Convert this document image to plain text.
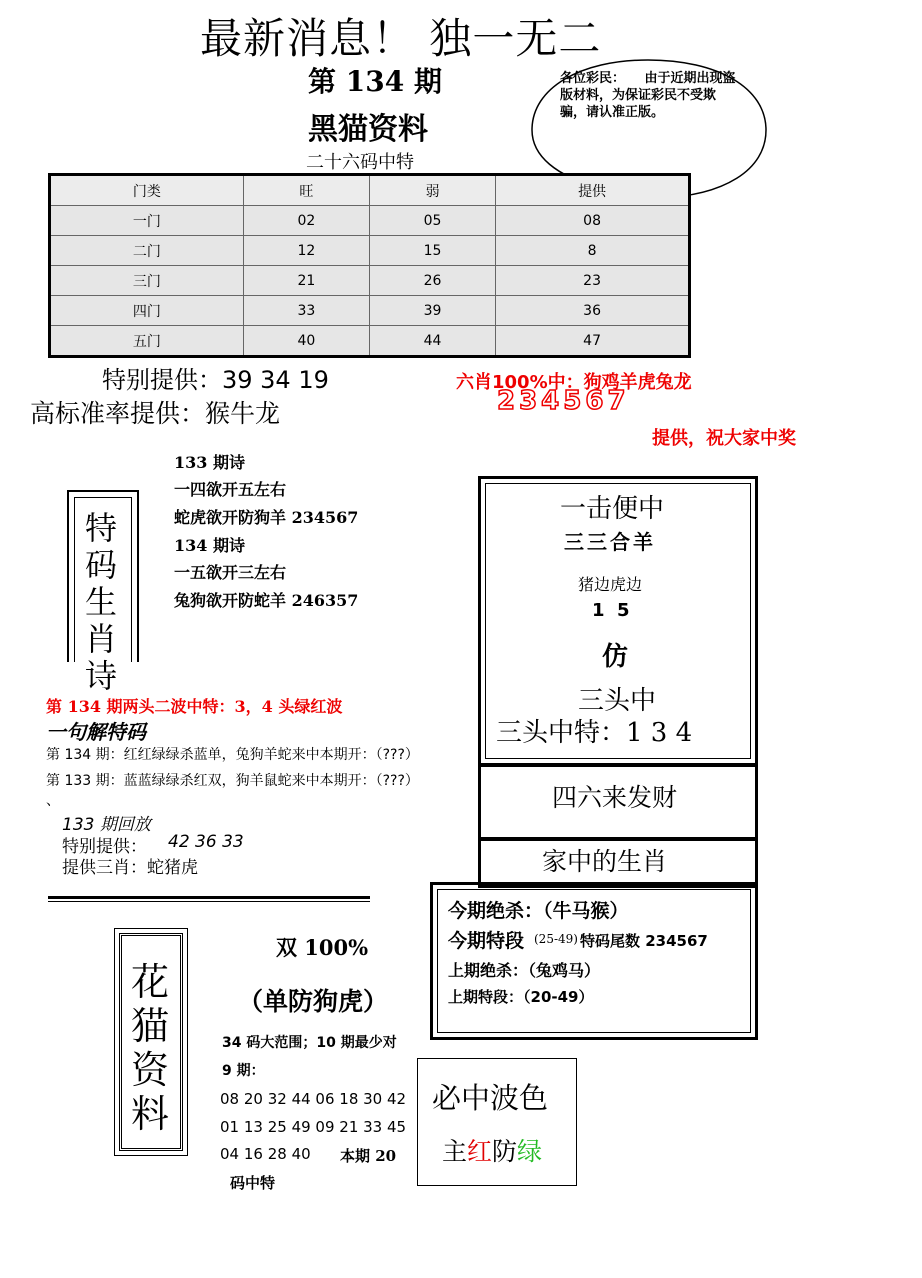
最新消息！ 独一无二
第 134 期
黑猫资料
二十六码中特
各位彩民：　　由于近期出现盗版材料，为保证彩民不受欺骗，请认准正版。
门类	旺	弱	提供
一门	02	05	08
二门	12	15	8
三门	21	26	23
四门	33	39	36
五门	40	44	47
特别提供：39 34 19
高标准率提供：猴牛龙
六肖100%中：狗鸡羊虎兔龙
234567
提供，祝大家中奖
特码生肖诗
133 期诗
一四欲开五左右
蛇虎欲开防狗羊 234567
134 期诗
一五欲开三左右
兔狗欲开防蛇羊 246357
一击便中
三三合羊
猪边虎边
1  5
仿
三头中
三头中特：1 3 4
四六来发财
家中的生肖
第 134 期两头二波中特：3，4 头绿红波
一句解特码
第 134 期：红红绿绿杀蓝单，兔狗羊蛇来中本期开：（???）
第 133 期：蓝蓝绿绿杀红双，狗羊鼠蛇来中本期开：（???）
、
133 期回放
特别提供： 42 36 33
提供三肖：蛇猪虎
今期绝杀：（牛马猴）
今期特段 (25-49) 特码尾数 234567
上期绝杀：（兔鸡马）
上期特段：（20-49）
花猫资料
双 100%
（单防狗虎）
34 码大范围；10 期最少对
9 期：
08 20 32 44 06 18 30 42
01 13 25 49 09 21 33 45
04 16 28 40 本期 20
码中特
必中波色
主红防绿
